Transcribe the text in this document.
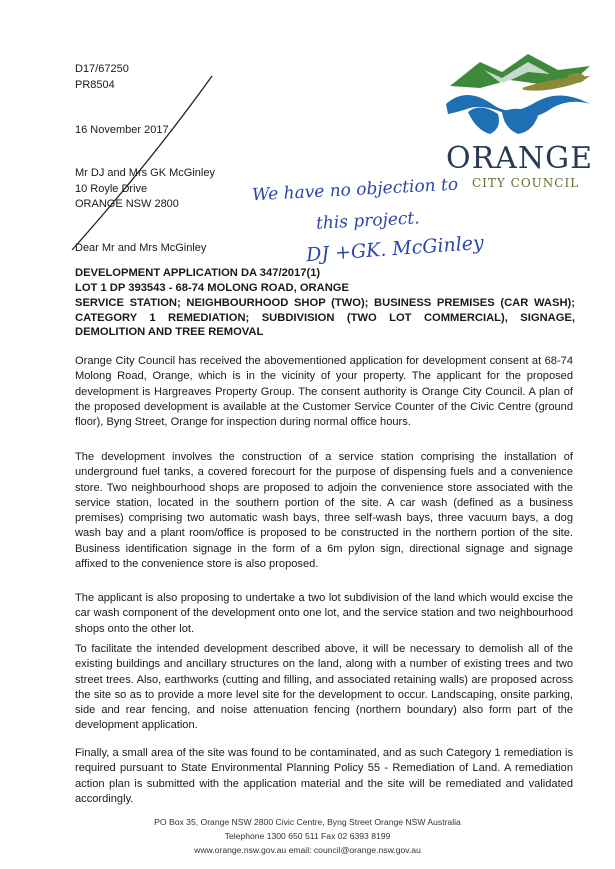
ORANGE
CITY COUNCIL
D17/67250
PR8504
16 November 2017
Mr DJ and Mrs GK McGinley
10 Royle Drive
ORANGE NSW 2800
Dear Mr and Mrs McGinley
We have no objection to
this project.
DJ +GK. McGinley
DEVELOPMENT APPLICATION DA 347/2017(1)
LOT 1 DP 393543 - 68-74 MOLONG ROAD, ORANGE
SERVICE STATION; NEIGHBOURHOOD SHOP (TWO); BUSINESS PREMISES (CAR WASH); CATEGORY 1 REMEDIATION; SUBDIVISION (TWO LOT COMMERCIAL), SIGNAGE, DEMOLITION AND TREE REMOVAL
Orange City Council has received the abovementioned application for development consent at 68-74 Molong Road, Orange, which is in the vicinity of your property. The applicant for the proposed development is Hargreaves Property Group. The consent authority is Orange City Council. A plan of the proposed development is available at the Customer Service Counter of the Civic Centre (ground floor), Byng Street, Orange for inspection during normal office hours.
The development involves the construction of a service station comprising the installation of underground fuel tanks, a covered forecourt for the purpose of dispensing fuels and a convenience store. Two neighbourhood shops are proposed to adjoin the convenience store associated with the service station, located in the southern portion of the site. A car wash (defined as a business premises) comprising two automatic wash bays, three self-wash bays, three vacuum bays, a dog wash bay and a plant room/office is proposed to be constructed in the northern portion of the site. Business identification signage in the form of a 6m pylon sign, directional signage and signage affixed to the convenience store is also proposed.
The applicant is also proposing to undertake a two lot subdivision of the land which would excise the car wash component of the development onto one lot, and the service station and two neighbourhood shops onto the other lot.
To facilitate the intended development described above, it will be necessary to demolish all of the existing buildings and ancillary structures on the land, along with a number of existing trees and two street trees. Also, earthworks (cutting and filling, and associated retaining walls) are proposed across the site so as to provide a more level site for the development to occur. Landscaping, onsite parking, side and rear fencing, and noise attenuation fencing (northern boundary) also form part of the development application.
Finally, a small area of the site was found to be contaminated, and as such Category 1 remediation is required pursuant to State Environmental Planning Policy 55 - Remediation of Land. A remediation action plan is submitted with the application material and the site will be remediated and validated accordingly.
PO Box 35, Orange NSW 2800 Civic Centre, Byng Street Orange NSW Australia
Telephone 1300 650 511 Fax 02 6393 8199
www.orange.nsw.gov.au email: council@orange.nsw.gov.au
